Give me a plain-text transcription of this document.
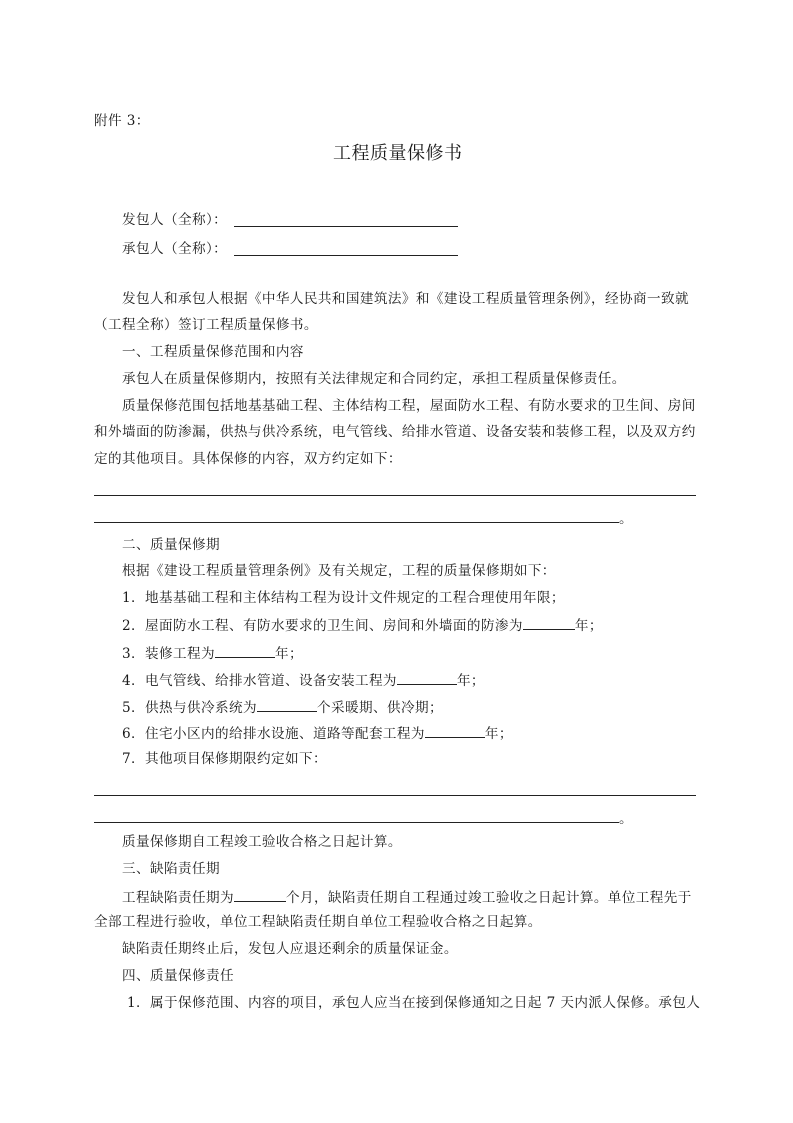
附件 3：
工程质量保修书
发包人（全称）：
承包人（全称）：
发包人和承包人根据《中华人民共和国建筑法》和《建设工程质量管理条例》，经协商一致就
（工程全称）签订工程质量保修书。
一、工程质量保修范围和内容
承包人在质量保修期内，按照有关法律规定和合同约定，承担工程质量保修责任。
质量保修范围包括地基基础工程、主体结构工程，屋面防水工程、有防水要求的卫生间、房间
和外墙面的防渗漏，供热与供冷系统，电气管线、给排水管道、设备安装和装修工程，以及双方约
定的其他项目。具体保修的内容，双方约定如下：
。
二、质量保修期
根据《建设工程质量管理条例》及有关规定，工程的质量保修期如下：
1．地基基础工程和主体结构工程为设计文件规定的工程合理使用年限；
2．屋面防水工程、有防水要求的卫生间、房间和外墙面的防渗为	年；
3．装修工程为	年；
4．电气管线、给排水管道、设备安装工程为	年；
5．供热与供冷系统为	个采暖期、供冷期；
6．住宅小区内的给排水设施、道路等配套工程为	年；
7．其他项目保修期限约定如下：
。
质量保修期自工程竣工验收合格之日起计算。
三、缺陷责任期
工程缺陷责任期为	个月，缺陷责任期自工程通过竣工验收之日起计算。单位工程先于
全部工程进行验收，单位工程缺陷责任期自单位工程验收合格之日起算。
缺陷责任期终止后，发包人应退还剩余的质量保证金。
四、质量保修责任
1．属于保修范围、内容的项目，承包人应当在接到保修通知之日起 7 天内派人保修。承包人
